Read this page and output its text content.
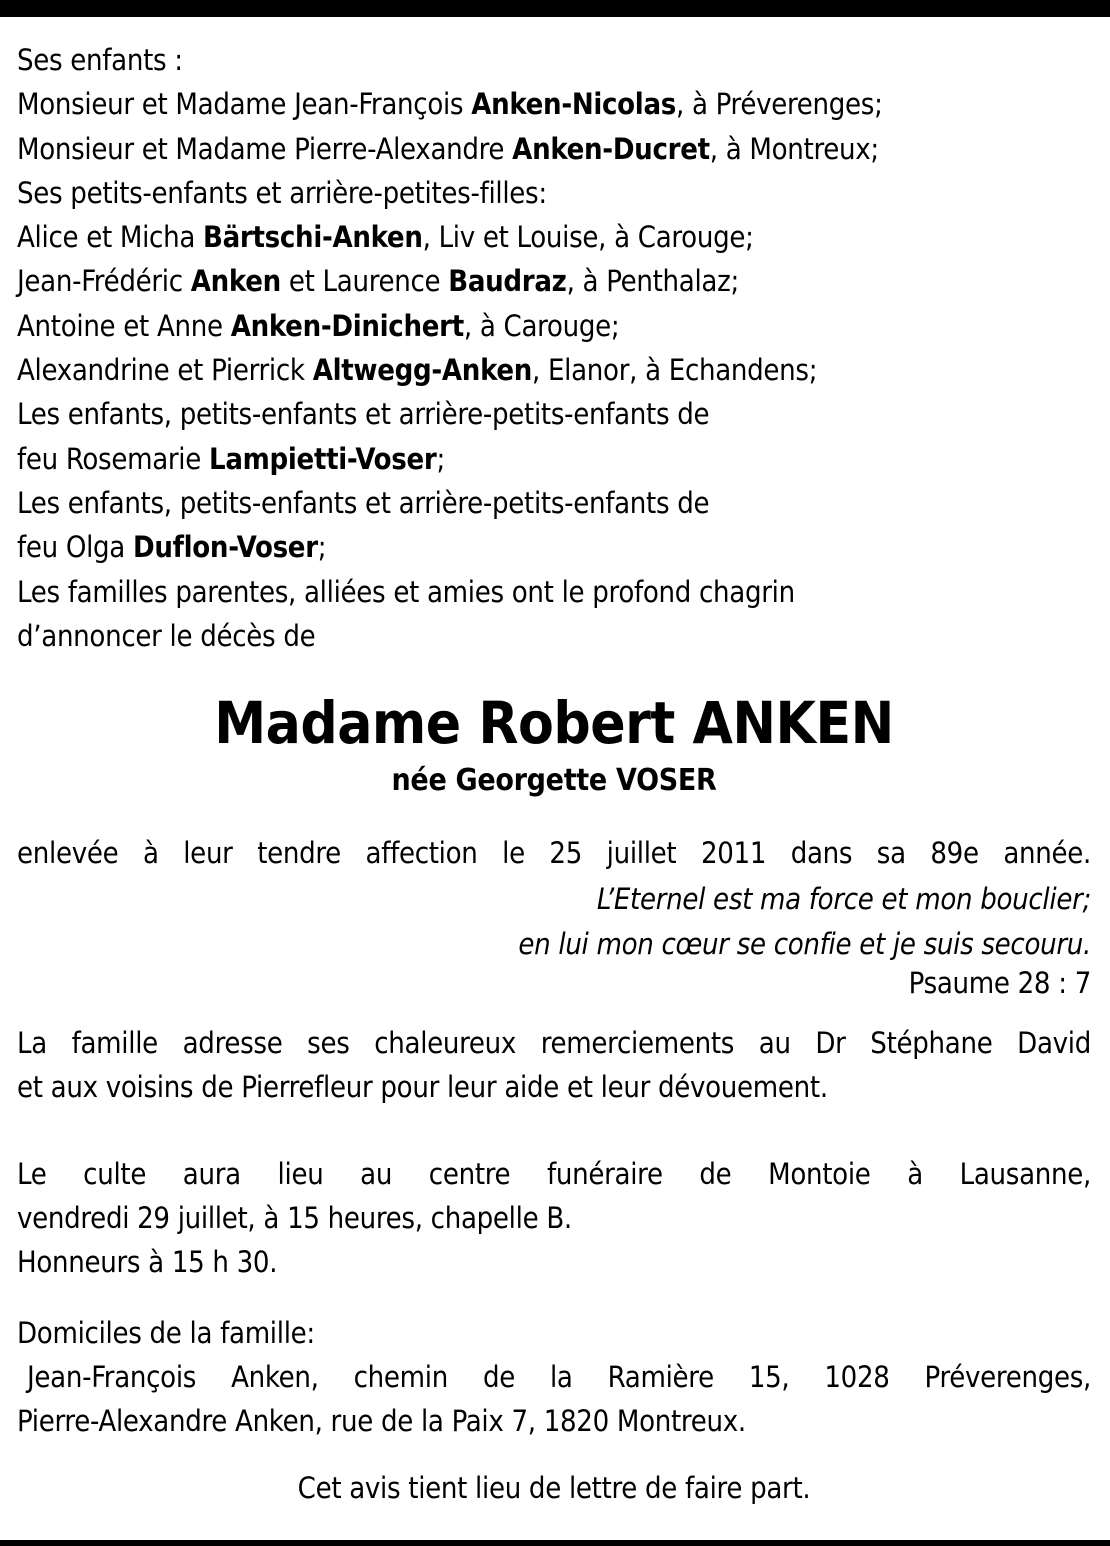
Ses enfants :
Monsieur et Madame Jean-François Anken-Nicolas, à Préverenges;
Monsieur et Madame Pierre-Alexandre Anken-Ducret, à Montreux;
Ses petits-enfants et arrière-petites-filles:
Alice et Micha Bärtschi-Anken, Liv et Louise, à Carouge;
Jean-Frédéric Anken et Laurence Baudraz, à Penthalaz;
Antoine et Anne Anken-Dinichert, à Carouge;
Alexandrine et Pierrick Altwegg-Anken, Elanor, à Echandens;
Les enfants, petits-enfants et arrière-petits-enfants de
feu Rosemarie Lampietti-Voser;
Les enfants, petits-enfants et arrière-petits-enfants de
feu Olga Duflon-Voser;
Les familles parentes, alliées et amies ont le profond chagrin
d’annoncer le décès de
Madame Robert ANKEN
née Georgette VOSER
enlevée à leur tendre affection le 25 juillet 2011 dans sa 89e année.
L’Eternel est ma force et mon bouclier;
en lui mon cœur se confie et je suis secouru.
Psaume 28 : 7
La famille adresse ses chaleureux remerciements au Dr Stéphane David
et aux voisins de Pierrefleur pour leur aide et leur dévouement.
Le culte aura lieu au centre funéraire de Montoie à Lausanne,
vendredi 29 juillet, à 15 heures, chapelle B.
Honneurs à 15 h 30.
Domiciles de la famille:
Jean-François Anken, chemin de la Ramière 15, 1028 Préverenges,
Pierre-Alexandre Anken, rue de la Paix 7, 1820 Montreux.
Cet avis tient lieu de lettre de faire part.
